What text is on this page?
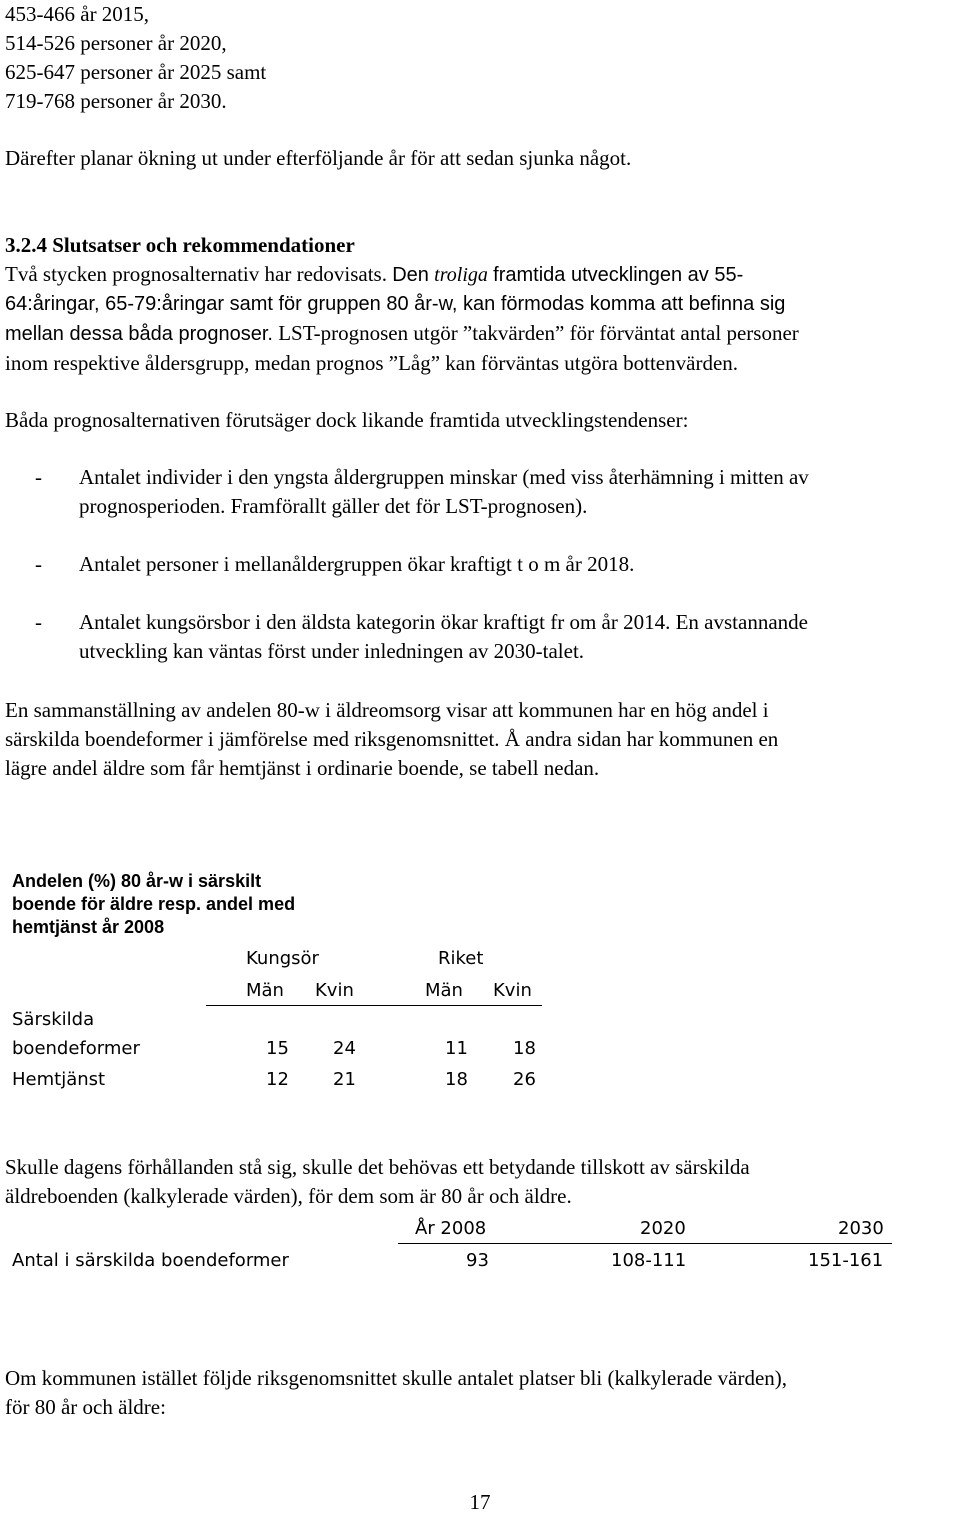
453-466 år 2015,
514-526 personer år 2020,
625-647 personer år 2025 samt
719-768 personer år 2030.
Därefter planar ökning ut under efterföljande år för att sedan sjunka något.
3.2.4 Slutsatser och rekommendationer
Två stycken prognosalternativ har redovisats. Den troliga framtida utvecklingen av 55-
64:åringar, 65-79:åringar samt för gruppen 80 år-w, kan förmodas komma att befinna sig
mellan dessa båda prognoser. LST-prognosen utgör ”takvärden” för förväntat antal personer
inom respektive åldersgrupp, medan prognos ”Låg” kan förväntas utgöra bottenvärden.
Båda prognosalternativen förutsäger dock likande framtida utvecklingstendenser:
- Antalet individer i den yngsta åldergruppen minskar (med viss återhämning i mitten av
prognosperioden. Framförallt gäller det för LST-prognosen).
- Antalet personer i mellanåldergruppen ökar kraftigt t o m år 2018.
- Antalet kungsörsbor i den äldsta kategorin ökar kraftigt fr om år 2014. En avstannande
utveckling kan väntas först under inledningen av 2030-talet.
En sammanställning av andelen 80-w i äldreomsorg visar att kommunen har en hög andel i
särskilda boendeformer i jämförelse med riksgenomsnittet. Å andra sidan har kommunen en
lägre andel äldre som får hemtjänst i ordinarie boende, se tabell nedan.
Andelen (%) 80 år-w i särskilt
boende för äldre resp. andel med
hemtjänst år 2008
Kungsör	Riket
Män Kvin	Män Kvin
Särskilda
boendeformer	15 24	11	18
Hemtjänst	12 21	18	26
Skulle dagens förhållanden stå sig, skulle det behövas ett betydande tillskott av särskilda
äldreboenden (kalkylerade värden), för dem som är 80 år och äldre.
År 2008	2020	2030
Antal i särskilda boendeformer	93	108-111	151-161
Om kommunen istället följde riksgenomsnittet skulle antalet platser bli (kalkylerade värden),
för 80 år och äldre:
17
